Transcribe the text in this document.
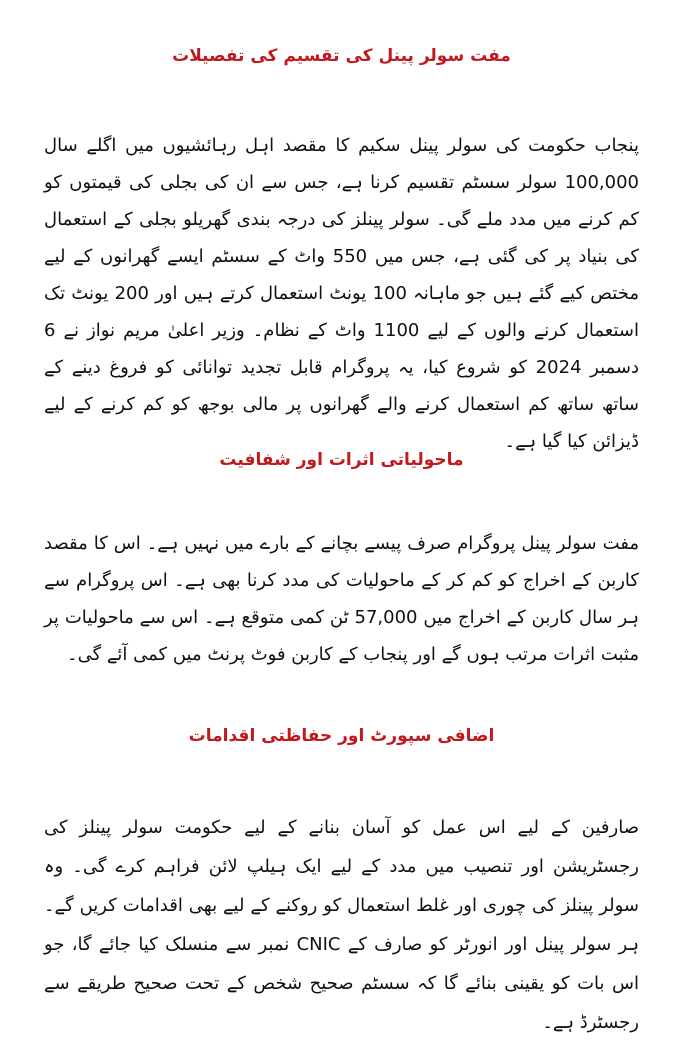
مفت سولر پینل کی تقسیم کی تفصیلات

پنجاب حکومت کی سولر پینل سکیم کا مقصد اہل رہائشیوں میں اگلے سال 100,000 سولر سسٹم تقسیم کرنا ہے، جس سے ان کی بجلی کی قیمتوں کو کم کرنے میں مدد ملے گی۔ سولر پینلز کی درجہ بندی گھریلو بجلی کے استعمال کی بنیاد پر کی گئی ہے، جس میں 550 واٹ کے سسٹم ایسے گھرانوں کے لیے مختص کیے گئے ہیں جو ماہانہ 100 یونٹ استعمال کرتے ہیں اور 200 یونٹ تک استعمال کرنے والوں کے لیے 1100 واٹ کے نظام۔ وزیر اعلیٰ مریم نواز نے 6 دسمبر 2024 کو شروع کیا، یہ پروگرام قابل تجدید توانائی کو فروغ دینے کے ساتھ ساتھ کم استعمال کرنے والے گھرانوں پر مالی بوجھ کو کم کرنے کے لیے ڈیزائن کیا گیا ہے۔

ماحولیاتی اثرات اور شفافیت

مفت سولر پینل پروگرام صرف پیسے بچانے کے بارے میں نہیں ہے۔ اس کا مقصد کاربن کے اخراج کو کم کر کے ماحولیات کی مدد کرنا بھی ہے۔ اس پروگرام سے ہر سال کاربن کے اخراج میں 57,000 ٹن کمی متوقع ہے۔ اس سے ماحولیات پر مثبت اثرات مرتب ہوں گے اور پنجاب کے کاربن فوٹ پرنٹ میں کمی آئے گی۔

اضافی سپورٹ اور حفاظتی اقدامات

صارفین کے لیے اس عمل کو آسان بنانے کے لیے حکومت سولر پینلز کی رجسٹریشن اور تنصیب میں مدد کے لیے ایک ہیلپ لائن فراہم کرے گی۔ وہ سولر پینلز کی چوری اور غلط استعمال کو روکنے کے لیے بھی اقدامات کریں گے۔ ہر سولر پینل اور انورٹر کو صارف کے CNIC نمبر سے منسلک کیا جائے گا، جو اس بات کو یقینی بنائے گا کہ سسٹم صحیح شخص کے تحت صحیح طریقے سے رجسٹرڈ ہے۔
